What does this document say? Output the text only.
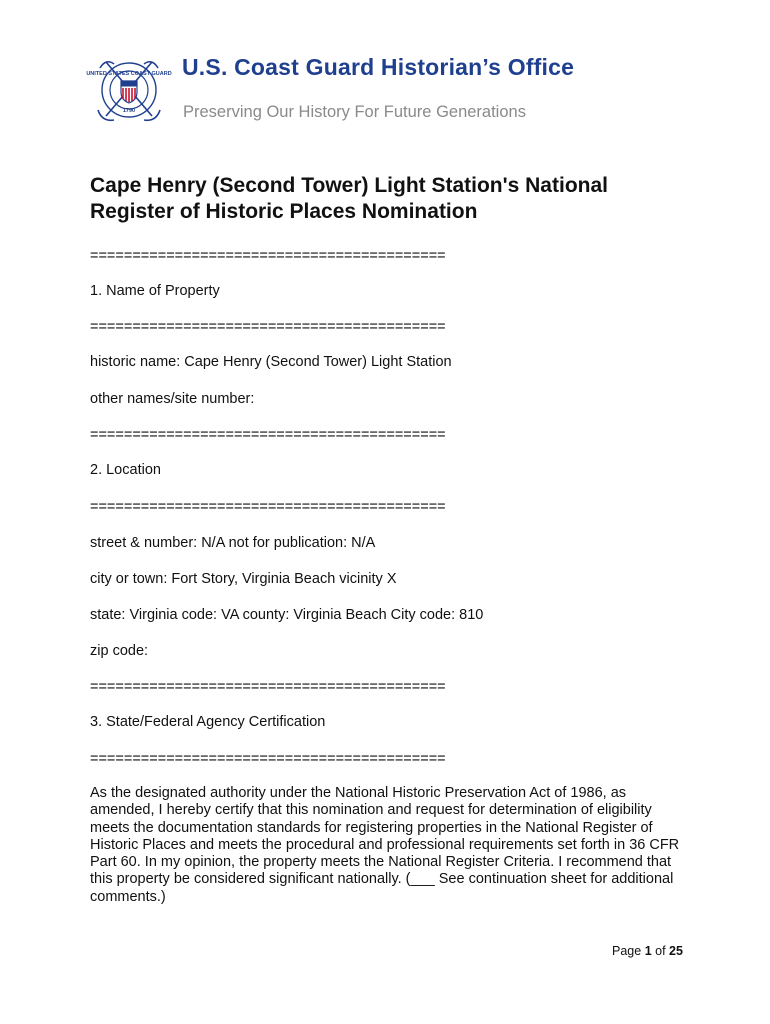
UNITED STATES COAST GUARD
1790
U.S. Coast Guard Historian’s Office
Preserving Our History For Future Generations
Cape Henry (Second Tower) Light Station's National Register of Historic Places Nomination
==========================================
1. Name of Property
==========================================
historic name: Cape Henry (Second Tower) Light Station
other names/site number:
==========================================
2. Location
==========================================
street & number: N/A not for publication: N/A
city or town: Fort Story, Virginia Beach vicinity X
state: Virginia code: VA county: Virginia Beach City code: 810
zip code:
==========================================
3. State/Federal Agency Certification
==========================================
As the designated authority under the National Historic Preservation Act of 1986, as amended, I hereby certify that this nomination and request for determination of eligibility meets the documentation standards for registering properties in the National Register of Historic Places and meets the procedural and professional requirements set forth in 36 CFR Part 60. In my opinion, the property meets the National Register Criteria. I recommend that this property be considered significant nationally. (___ See continuation sheet for additional comments.)
Page 1 of 25
